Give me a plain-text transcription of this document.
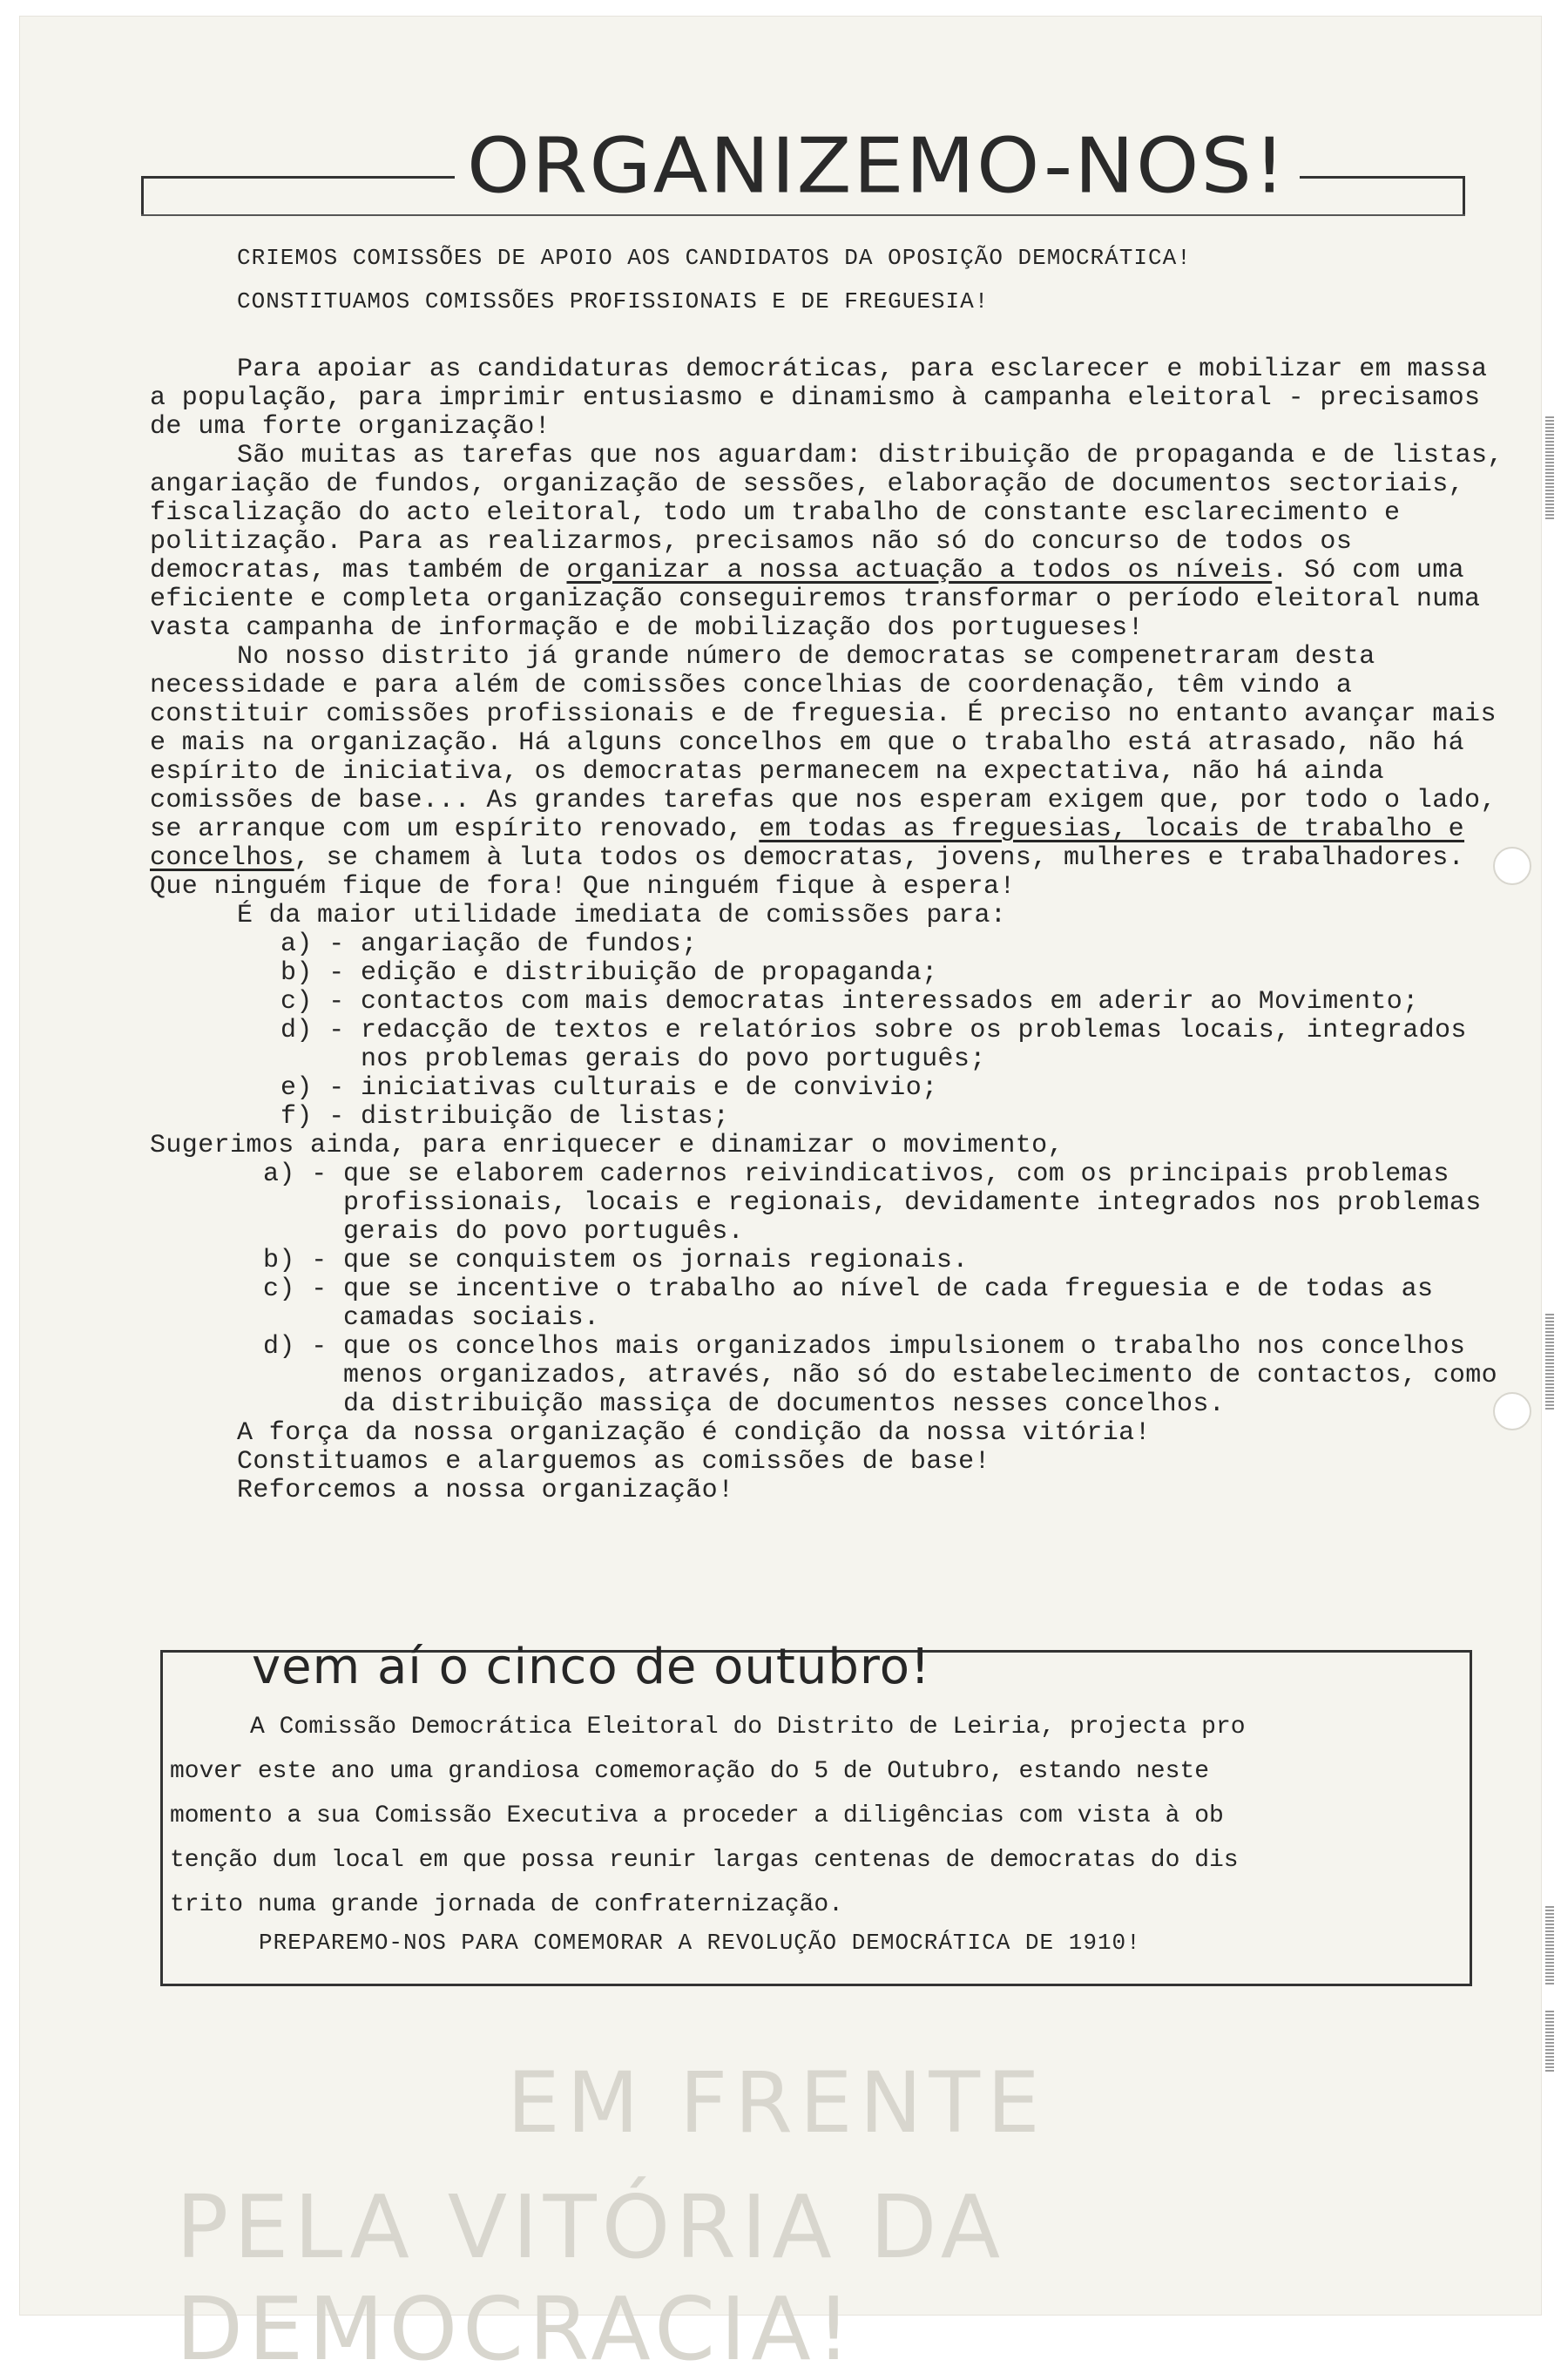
EM FRENTE
PELA VITÓRIA DA DEMOCRACIA!
ORGANIZEMO-NOS!
CRIEMOS COMISSÕES DE APOIO AOS CANDIDATOS DA OPOSIÇÃO DEMOCRÁTICA!
CONSTITUAMOS COMISSÕES PROFISSIONAIS E DE FREGUESIA!

Para apoiar as candidaturas democráticas, para esclarecer e mobilizar em massa a população, para imprimir entusiasmo e dinamismo à campanha eleitoral - precisamos de uma forte organização!

São muitas as tarefas que nos aguardam: distribuição de propaganda e de listas, angariação de fundos, organização de sessões, elaboração de documentos sectoriais, fiscalização do acto eleitoral, todo um trabalho de constante esclarecimento e politização. Para as realizarmos, precisamos não só do concurso de todos os democratas, mas também de organizar a nossa actuação a todos os níveis. Só com uma eficiente e completa organização conseguiremos transformar o período eleitoral numa vasta campanha de informação e de mobilização dos portugueses!

No nosso distrito já grande número de democratas se compenetraram desta necessidade e para além de comissões concelhias de coordenação, têm vindo a constituir comissões profissionais e de freguesia. É preciso no entanto avançar mais e mais na organização. Há alguns concelhos em que o trabalho está atrasado, não há espírito de iniciativa, os democratas permanecem na expectativa, não há ainda comissões de base... As grandes tarefas que nos esperam exigem que, por todo o lado, se arranque com um espírito renovado, em todas as freguesias, locais de trabalho e concelhos, se chamem à luta todos os democratas, jovens, mulheres e trabalhadores. Que ninguém fique de fora! Que ninguém fique à espera!

É da maior utilidade imediata de comissões para:

a) - angariação de fundos;
b) - edição e distribuição de propaganda;
c) - contactos com mais democratas interessados em aderir ao Movimento;
d) - redacção de textos e relatórios sobre os problemas locais, integrados nos problemas gerais do povo português;
e) - iniciativas culturais e de convivio;
f) - distribuição de listas;

Sugerimos ainda, para enriquecer e dinamizar o movimento,

a) - que se elaborem cadernos reivindicativos, com os principais problemas profissionais, locais e regionais, devidamente integrados nos problemas gerais do povo português.
b) - que se conquistem os jornais regionais.
c) - que se incentive o trabalho ao nível de cada freguesia e de todas as camadas sociais.
d) - que os concelhos mais organizados impulsionem o trabalho nos concelhos menos organizados, através, não só do estabelecimento de contactos, como da distribuição massiça de documentos nesses concelhos.
A força da nossa organização é condição da nossa vitória!
Constituamos e alarguemos as comissões de base!
Reforcemos a nossa organização!
vem aí o cinco de outubro!

A Comissão Democrática Eleitoral do Distrito de Leiria, projecta pro

mover este ano uma grandiosa comemoração do 5 de Outubro, estando neste

momento a sua Comissão Executiva a proceder a diligências com vista à ob

tenção dum local em que possa reunir largas centenas de democratas do dis

trito numa grande jornada de confraternização.

PREPAREMO-NOS PARA COMEMORAR A REVOLUÇÃO DEMOCRÁTICA DE 1910!
